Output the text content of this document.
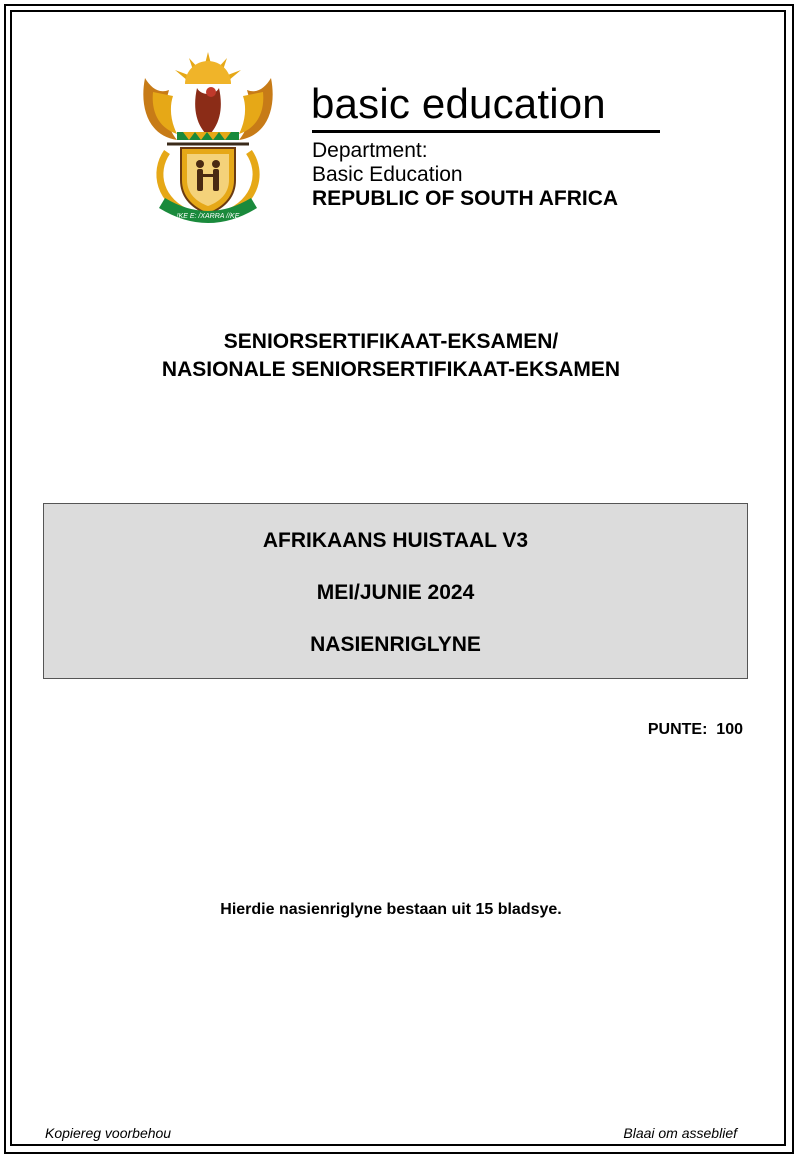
!KE E: /XARRA //KE
basic education
Department:
Basic Education
REPUBLIC OF SOUTH AFRICA
SENIORSERTIFIKAAT-EKSAMEN/
NASIONALE SENIORSERTIFIKAAT-EKSAMEN
AFRIKAANS HUISTAAL V3
MEI/JUNIE 2024
NASIENRIGLYNE
PUNTE:  100
Hierdie nasienriglyne bestaan uit 15 bladsye.
Kopiereg voorbehou	Blaai om asseblief
